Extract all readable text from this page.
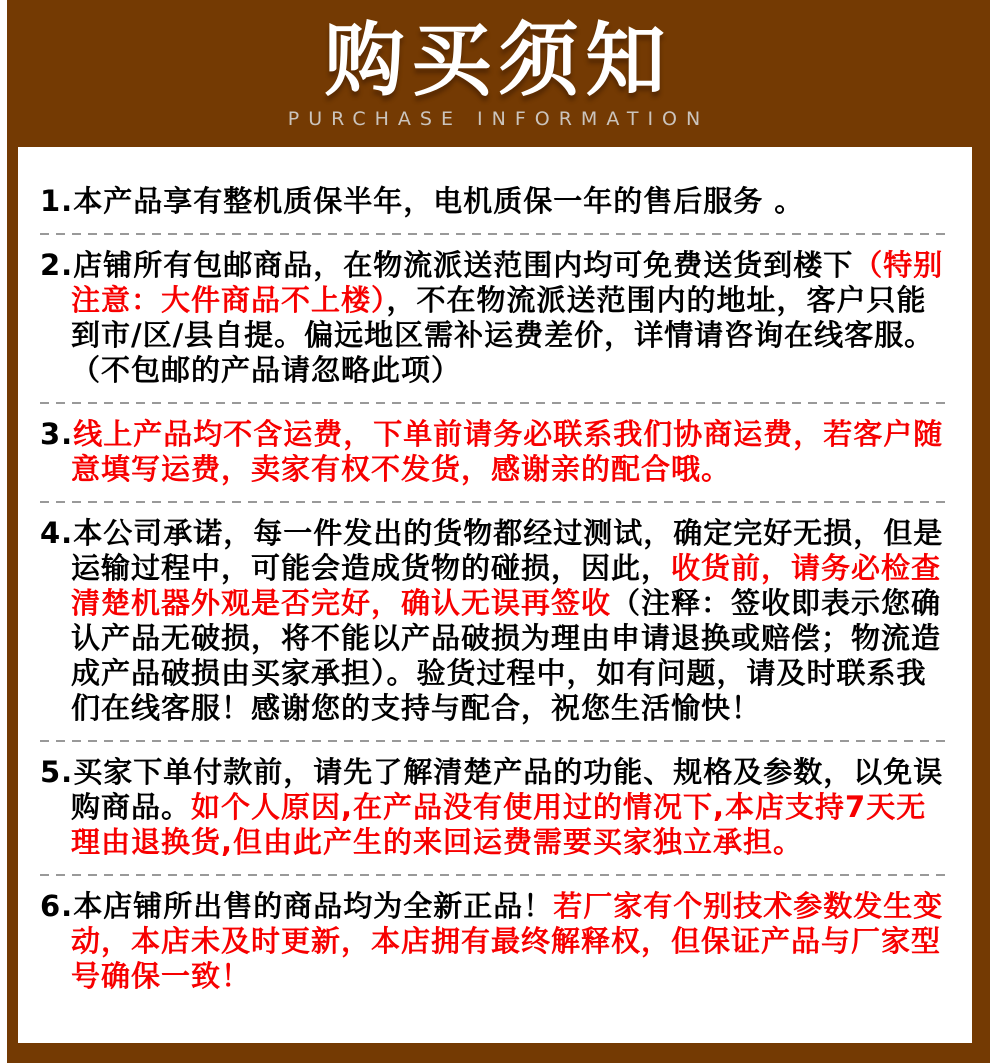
购买须知
PURCHASE INFORMATION
1.本产品享有整机质保半年，电机质保一年的售后服务 。
2.店铺所有包邮商品，在物流派送范围内均可免费送货到楼下（特别注意：大件商品不上楼），不在物流派送范围内的地址，客户只能到市/区/县自提。偏远地区需补运费差价，详情请咨询在线客服。（不包邮的产品请忽略此项）
3.线上产品均不含运费，下单前请务必联系我们协商运费，若客户随意填写运费，卖家有权不发货，感谢亲的配合哦。
4.本公司承诺，每一件发出的货物都经过测试，确定完好无损，但是运输过程中，可能会造成货物的碰损，因此，收货前，请务必检查清楚机器外观是否完好，确认无误再签收（注释：签收即表示您确认产品无破损，将不能以产品破损为理由申请退换或赔偿；物流造成产品破损由买家承担）。验货过程中，如有问题，请及时联系我们在线客服！感谢您的支持与配合，祝您生活愉快！
5.买家下单付款前，请先了解清楚产品的功能、规格及参数，以免误购商品。如个人原因,在产品没有使用过的情况下,本店支持7天无理由退换货,但由此产生的来回运费需要买家独立承担。
6.本店铺所出售的商品均为全新正品！若厂家有个别技术参数发生变动，本店未及时更新，本店拥有最终解释权，但保证产品与厂家型号确保一致！
